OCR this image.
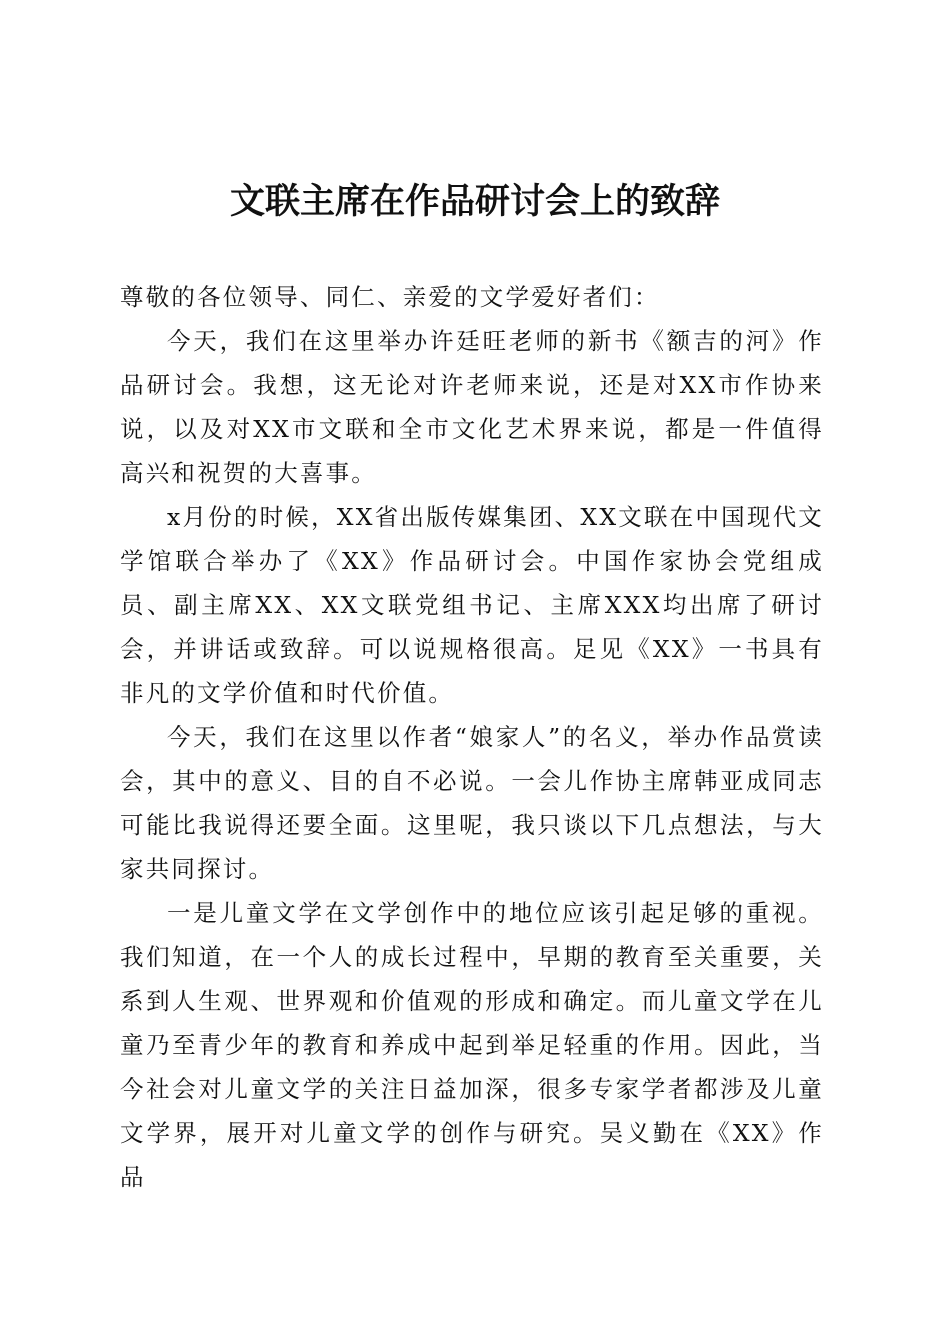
文联主席在作品研讨会上的致辞

尊敬的各位领导、同仁、亲爱的文学爱好者们：

今天，我们在这里举办许廷旺老师的新书《额吉的河》作品研讨会。我想，这无论对许老师来说，还是对XX市作协来说，以及对XX市文联和全市文化艺术界来说，都是一件值得高兴和祝贺的大喜事。

x月份的时候，XX省出版传媒集团、XX文联在中国现代文学馆联合举办了《XX》作品研讨会。中国作家协会党组成员、副主席XX、XX文联党组书记、主席XXX均出席了研讨会，并讲话或致辞。可以说规格很高。足见《XX》一书具有非凡的文学价值和时代价值。

今天，我们在这里以作者“娘家人”的名义，举办作品赏读会，其中的意义、目的自不必说。一会儿作协主席韩亚成同志可能比我说得还要全面。这里呢，我只谈以下几点想法，与大家共同探讨。

一是儿童文学在文学创作中的地位应该引起足够的重视。我们知道，在一个人的成长过程中，早期的教育至关重要，关系到人生观、世界观和价值观的形成和确定。而儿童文学在儿童乃至青少年的教育和养成中起到举足轻重的作用。因此，当今社会对儿童文学的关注日益加深，很多专家学者都涉及儿童文学界，展开对儿童文学的创作与研究。吴义勤在《XX》作品
